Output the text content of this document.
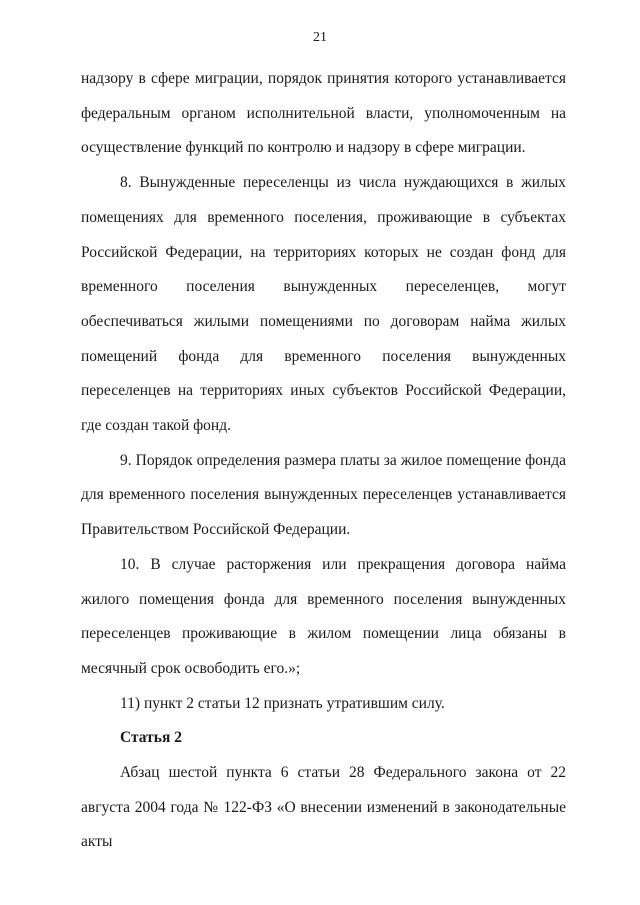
21

надзору в сфере миграции, порядок принятия которого устанавливается федеральным органом исполнительной власти, уполномоченным на осуществление функций по контролю и надзору в сфере миграции.

8. Вынужденные переселенцы из числа нуждающихся в жилых помещениях для временного поселения, проживающие в субъектах Российской Федерации, на территориях которых не создан фонд для временного поселения вынужденных переселенцев, могут обеспечиваться жилыми помещениями по договорам найма жилых помещений фонда для временного поселения вынужденных переселенцев на территориях иных субъектов Российской Федерации, где создан такой фонд.

9. Порядок определения размера платы за жилое помещение фонда для временного поселения вынужденных переселенцев устанавливается Правительством Российской Федерации.

10. В случае расторжения или прекращения договора найма жилого помещения фонда для временного поселения вынужденных переселенцев проживающие в жилом помещении лица обязаны в месячный срок освободить его.»;

11) пункт 2 статьи 12 признать утратившим силу.

Статья 2

Абзац шестой пункта 6 статьи 28 Федерального закона от 22 августа 2004 года № 122-ФЗ «О внесении изменений в законодательные акты
